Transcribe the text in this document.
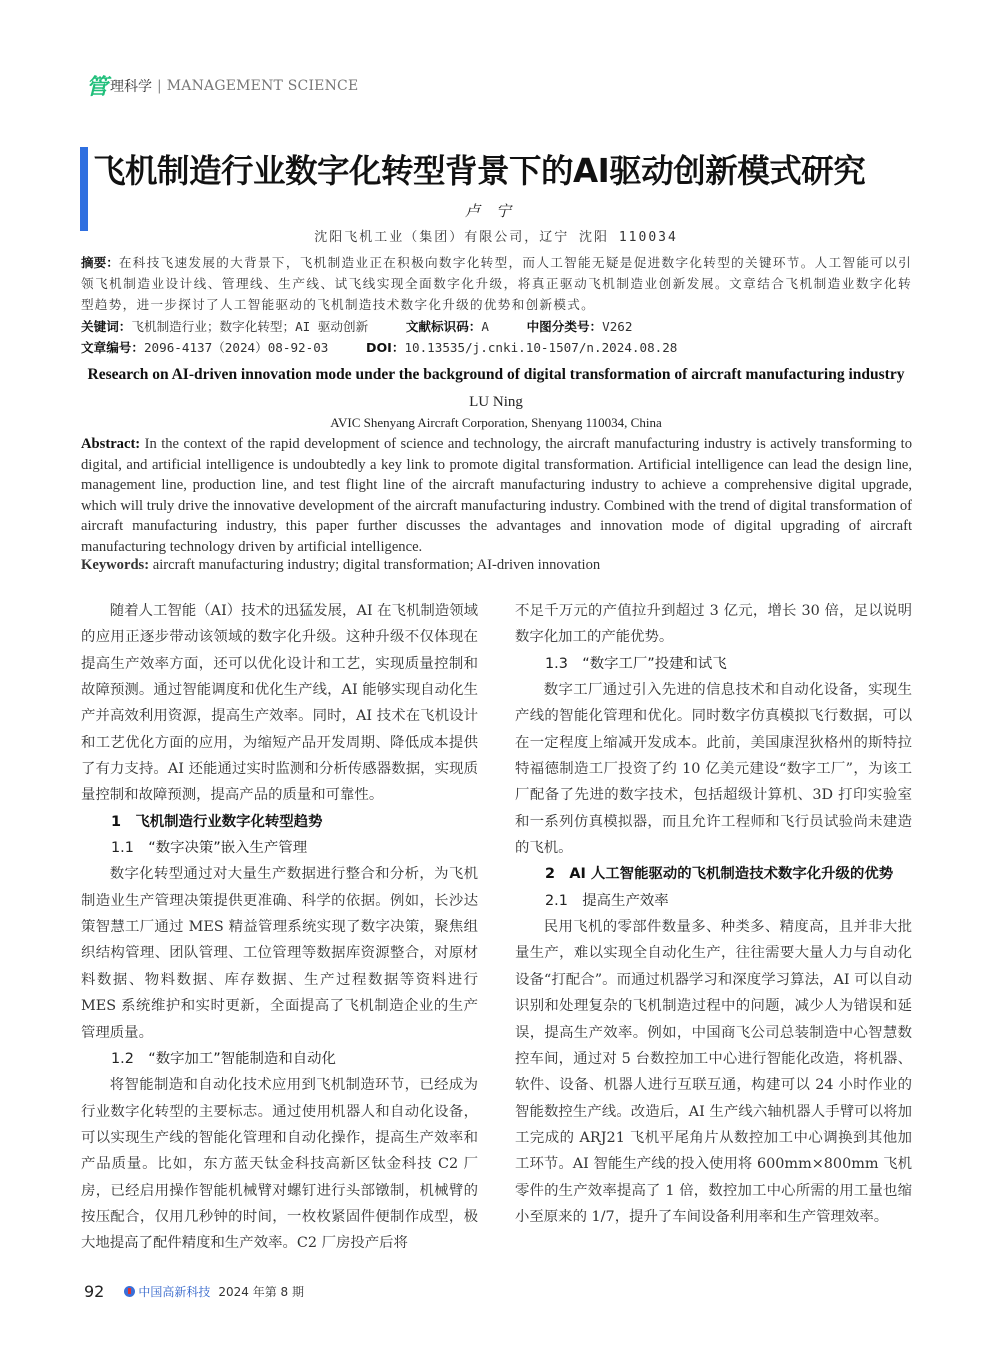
管 理科学 | MANAGEMENT SCIENCE
飞机制造行业数字化转型背景下的AI驱动创新模式研究
卢宁
沈阳飞机工业（集团）有限公司，辽宁 沈阳 110034
摘要：在科技飞速发展的大背景下，飞机制造业正在积极向数字化转型，而人工智能无疑是促进数字化转型的关键环节。人工智能可以引领飞机制造业设计线、管理线、生产线、试飞线实现全面数字化升级，将真正驱动飞机制造业创新发展。文章结合飞机制造业数字化转型趋势，进一步探讨了人工智能驱动的飞机制造技术数字化升级的优势和创新模式。
关键词：飞机制造行业；数字化转型；AI 驱动创新	文献标识码：A	中图分类号：V262
文章编号：2096-4137（2024）08-92-03	DOI：10.13535/j.cnki.10-1507/n.2024.08.28
Research on AI-driven innovation mode under the background of digital transformation of aircraft manufacturing industry
LU Ning
AVIC Shenyang Aircraft Corporation, Shenyang 110034, China
Abstract: In the context of the rapid development of science and technology, the aircraft manufacturing industry is actively transforming to digital, and artificial intelligence is undoubtedly a key link to promote digital transformation. Artificial intelligence can lead the design line, management line, production line, and test flight line of the aircraft manufacturing industry to achieve a comprehensive digital upgrade, which will truly drive the innovative development of the aircraft manufacturing industry. Combined with the trend of digital transformation of aircraft manufacturing industry, this paper further discusses the advantages and innovation mode of digital upgrading of aircraft manufacturing technology driven by artificial intelligence.
Keywords: aircraft manufacturing industry; digital transformation; AI-driven innovation

随着人工智能（AI）技术的迅猛发展，AI 在飞机制造领域的应用正逐步带动该领域的数字化升级。这种升级不仅体现在提高生产效率方面，还可以优化设计和工艺，实现质量控制和故障预测。通过智能调度和优化生产线，AI 能够实现自动化生产并高效利用资源，提高生产效率。同时，AI 技术在飞机设计和工艺优化方面的应用，为缩短产品开发周期、降低成本提供了有力支持。AI 还能通过实时监测和分析传感器数据，实现质量控制和故障预测，提高产品的质量和可靠性。

1　飞机制造行业数字化转型趋势
1.1　“数字决策”嵌入生产管理

数字化转型通过对大量生产数据进行整合和分析，为飞机制造业生产管理决策提供更准确、科学的依据。例如，长沙达策智慧工厂通过 MES 精益管理系统实现了数字决策，聚焦组织结构管理、团队管理、工位管理等数据库资源整合，对原材料数据、物料数据、库存数据、生产过程数据等资料进行 MES 系统维护和实时更新，全面提高了飞机制造企业的生产管理质量。

1.2　“数字加工”智能制造和自动化

将智能制造和自动化技术应用到飞机制造环节，已经成为行业数字化转型的主要标志。通过使用机器人和自动化设备，可以实现生产线的智能化管理和自动化操作，提高生产效率和产品质量。比如，东方蓝天钛金科技高新区钛金科技 C2 厂房，已经启用操作智能机械臂对螺钉进行头部镦制，机械臂的按压配合，仅用几秒钟的时间，一枚枚紧固件便制作成型，极大地提高了配件精度和生产效率。C2 厂房投产后将

不足千万元的产值拉升到超过 3 亿元，增长 30 倍，足以说明数字化加工的产能优势。

1.3　“数字工厂”投建和试飞

数字工厂通过引入先进的信息技术和自动化设备，实现生产线的智能化管理和优化。同时数字仿真模拟飞行数据，可以在一定程度上缩减开发成本。此前，美国康涅狄格州的斯特拉特福德制造工厂投资了约 10 亿美元建设“数字工厂”，为该工厂配备了先进的数字技术，包括超级计算机、3D 打印实验室和一系列仿真模拟器，而且允许工程师和飞行员试验尚未建造的飞机。

2　AI 人工智能驱动的飞机制造技术数字化升级的优势
2.1　提高生产效率

民用飞机的零部件数量多、种类多、精度高，且并非大批量生产，难以实现全自动化生产，往往需要大量人力与自动化设备“打配合”。而通过机器学习和深度学习算法，AI 可以自动识别和处理复杂的飞机制造过程中的问题，减少人为错误和延误，提高生产效率。例如，中国商飞公司总装制造中心智慧数控车间，通过对 5 台数控加工中心进行智能化改造，将机器、软件、设备、机器人进行互联互通，构建可以 24 小时作业的智能数控生产线。改造后，AI 生产线六轴机器人手臂可以将加工完成的 ARJ21 飞机平尾角片从数控加工中心调换到其他加工环节。AI 智能生产线的投入使用将 600mm×800mm 飞机零件的生产效率提高了 1 倍，数控加工中心所需的用工量也缩小至原来的 1/7，提升了车间设备利用率和生产管理效率。

92	中国高新科技 2024 年第 8 期
